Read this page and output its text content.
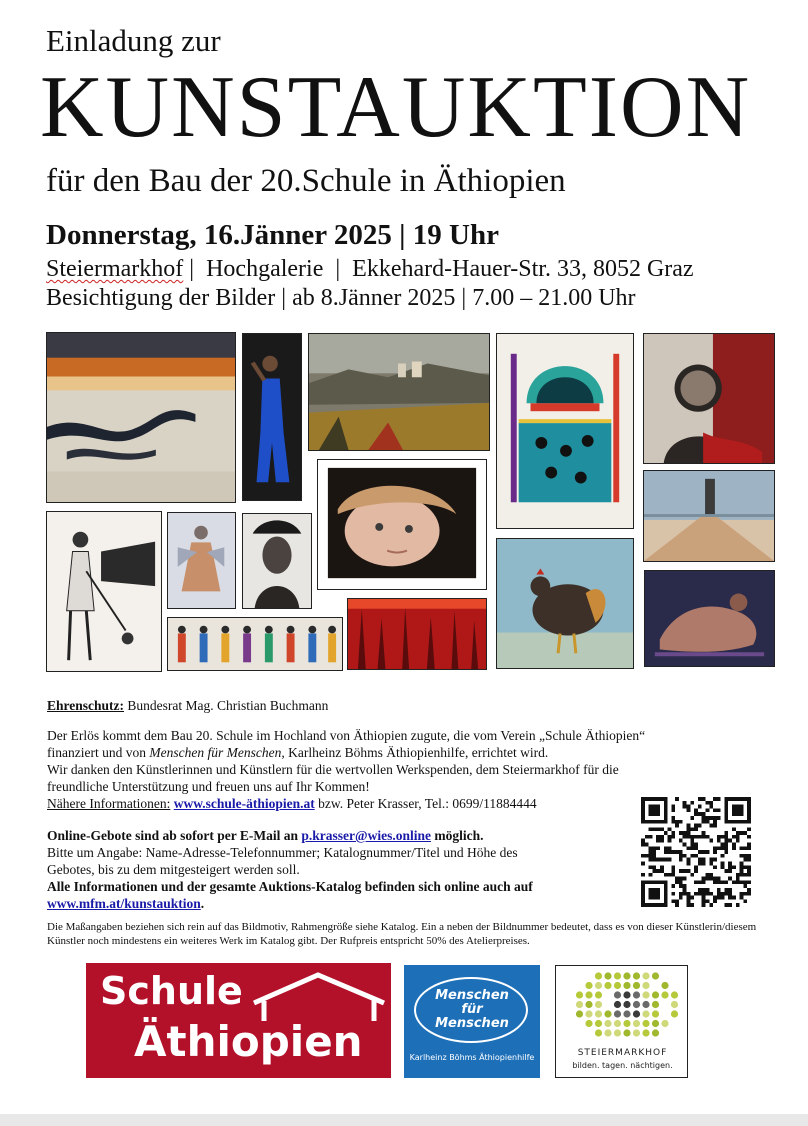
Einladung zur
KUNSTAUKTION
für den Bau der 20.Schule in Äthiopien
Donnerstag, 16.Jänner 2025 | 19 Uhr
Steiermarkhof |  Hochgalerie  |  Ekkehard-Hauer-Str. 33, 8052 Graz
Besichtigung der Bilder | ab 8.Jänner 2025 | 7.00 – 21.00 Uhr
Ehrenschutz: Bundesrat Mag. Christian Buchmann
Der Erlös kommt dem Bau 20. Schule im Hochland von Äthiopien zugute, die vom Verein „Schule Äthiopien“
finanziert und von Menschen für Menschen, Karlheinz Böhms Äthiopienhilfe, errichtet wird.
Wir danken den Künstlerinnen und Künstlern für die wertvollen Werkspenden, dem Steiermarkhof für die
freundliche Unterstützung und freuen uns auf Ihr Kommen!
Nähere Informationen: www.schule-äthiopien.at bzw. Peter Krasser, Tel.: 0699/11884444
Online-Gebote sind ab sofort per E-Mail an p.krasser@wies.online möglich.
Bitte um Angabe: Name-Adresse-Telefonnummer; Katalognummer/Titel und Höhe des
Gebotes, bis zu dem mitgesteigert werden soll.
Alle Informationen und der gesamte Auktions-Katalog befinden sich online auch auf
www.mfm.at/kunstauktion.
Die Maßangaben beziehen sich rein auf das Bildmotiv, Rahmengröße siehe Katalog. Ein a neben der Bildnummer bedeutet, dass es von dieser Künstlerin/diesem Künstler noch mindestens ein weiteres Werk im Katalog gibt. Der Rufpreis entspricht 50% des Atelierpreises.
Schule
Äthiopien
Menschen
für
Menschen
Karlheinz Böhms Äthiopienhilfe	STEIERMARKHOF
bilden. tagen. nächtigen.
